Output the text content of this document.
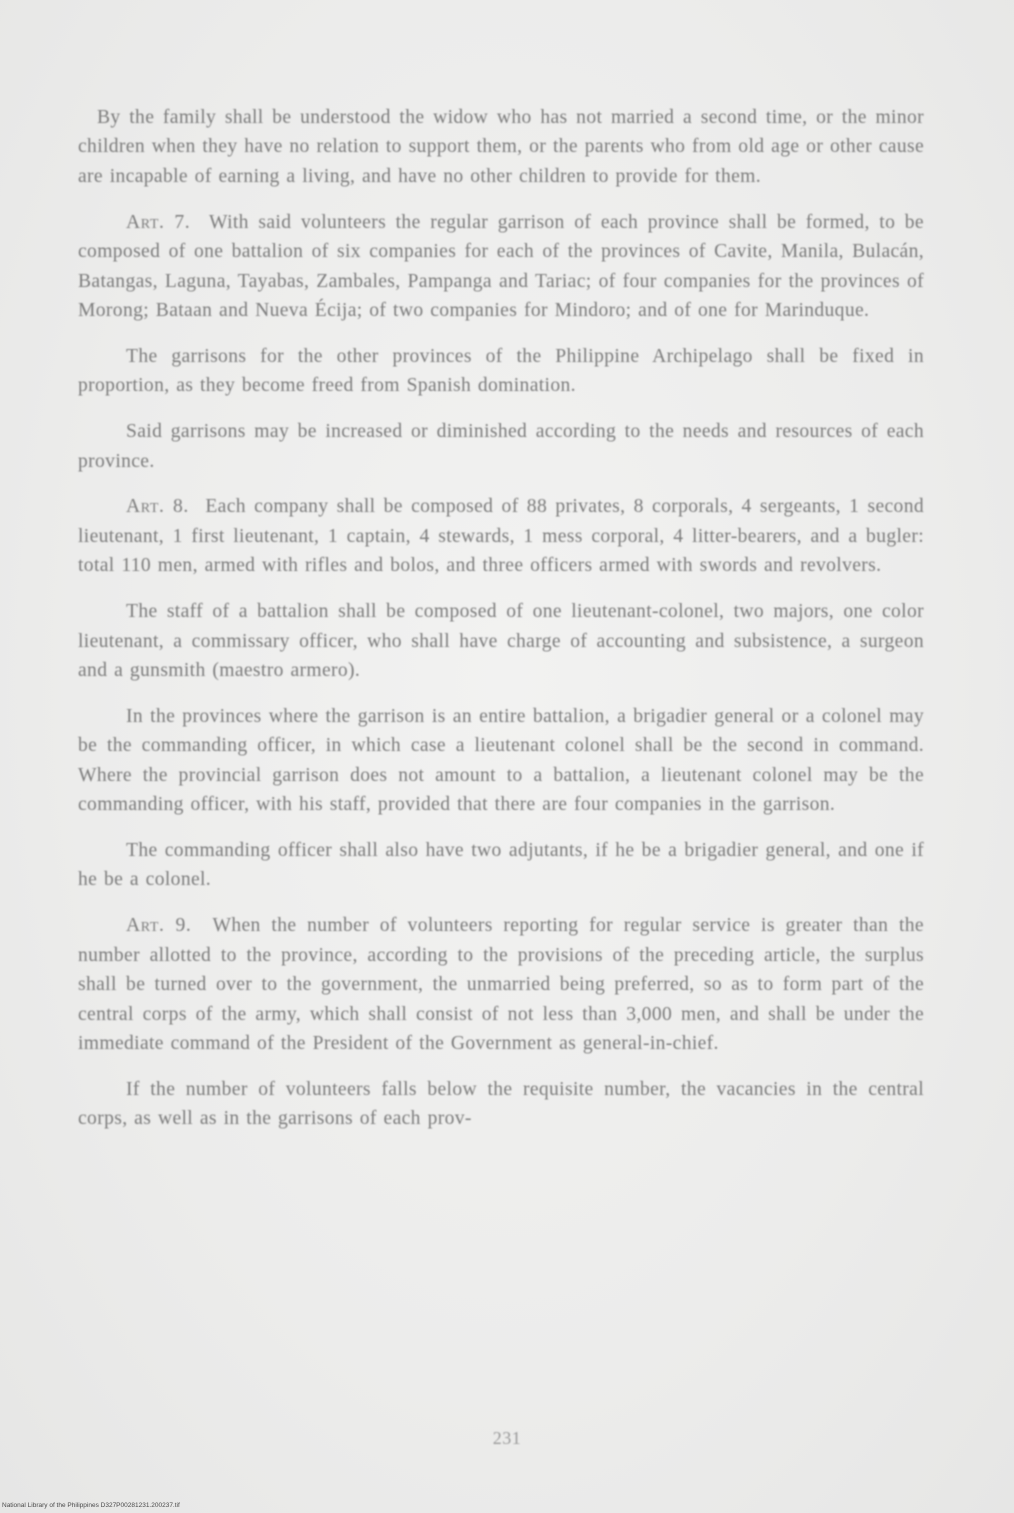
By the family shall be understood the widow who has not married a second time, or the minor children when they have no relation to support them, or the parents who from old age or other cause are incapable of earning a living, and have no other children to provide for them.

Art. 7. With said volunteers the regular garrison of each province shall be formed, to be composed of one battalion of six companies for each of the provinces of Cavite, Manila, Bulacán, Batangas, Laguna, Tayabas, Zambales, Pampanga and Tariac; of four companies for the provinces of Morong; Bataan and Nueva Écija; of two companies for Mindoro; and of one for Marinduque.

The garrisons for the other provinces of the Philippine Archipelago shall be fixed in proportion, as they become freed from Spanish domination.

Said garrisons may be increased or diminished according to the needs and resources of each province.

Art. 8. Each company shall be composed of 88 privates, 8 corporals, 4 sergeants, 1 second lieutenant, 1 first lieutenant, 1 captain, 4 stewards, 1 mess corporal, 4 litter-bearers, and a bugler: total 110 men, armed with rifles and bolos, and three officers armed with swords and revolvers.

The staff of a battalion shall be composed of one lieutenant-colonel, two majors, one color lieutenant, a commissary officer, who shall have charge of accounting and subsistence, a surgeon and a gunsmith (maestro armero).

In the provinces where the garrison is an entire battalion, a brigadier general or a colonel may be the commanding officer, in which case a lieutenant colonel shall be the second in command. Where the provincial garrison does not amount to a battalion, a lieutenant colonel may be the commanding officer, with his staff, provided that there are four companies in the garrison.

The commanding officer shall also have two adjutants, if he be a brigadier general, and one if he be a colonel.

Art. 9. When the number of volunteers reporting for regular service is greater than the number allotted to the province, according to the provisions of the preceding article, the surplus shall be turned over to the government, the unmarried being preferred, so as to form part of the central corps of the army, which shall consist of not less than 3,000 men, and shall be under the immediate command of the President of the Government as general-in-chief.

If the number of volunteers falls below the requisite number, the vacancies in the central corps, as well as in the garrisons of each prov-

231
National Library of the Philippines D327P00281231.200237.tif
